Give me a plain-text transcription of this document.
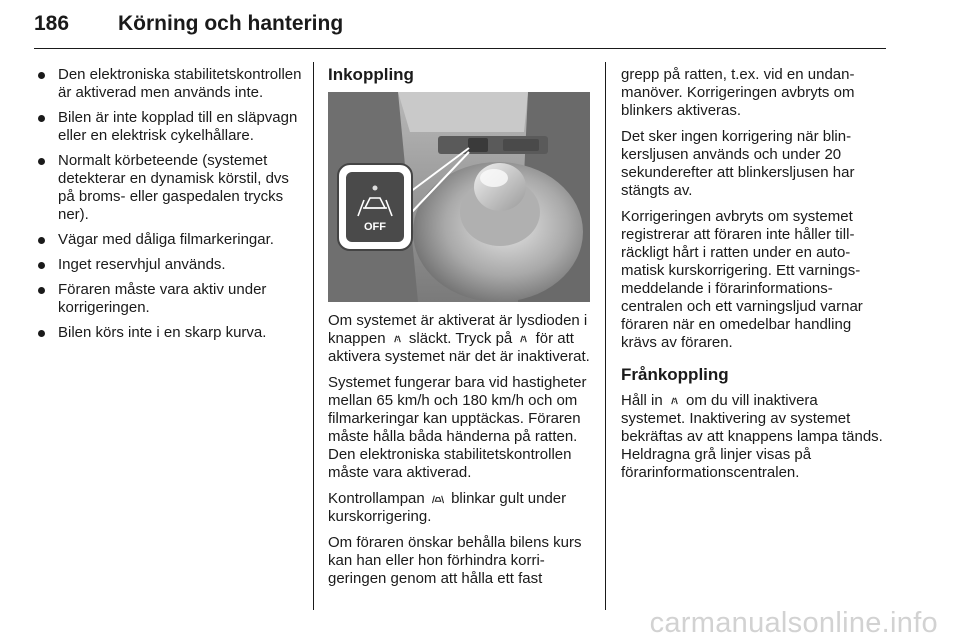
186 Körning och hantering
Den elektroniska stabilitetskontrollen är aktiverad men används inte.
Bilen är inte kopplad till en släpvagn eller en elektrisk cykelhållare.
Normalt körbeteende (systemet detekterar en dynamisk körstil, dvs på broms- eller gaspedalen trycks ner).
Vägar med dåliga filmarkeringar.
Inget reservhjul används.
Föraren måste vara aktiv under korrigeringen.
Bilen körs inte i en skarp kurva.
Inkoppling
OFF

Om systemet är aktiverat är lysdioden i knappen släckt. Tryck på för att aktivera systemet när det är inaktiverat.

Systemet fungerar bara vid hastigheter mellan 65 km/h och 180 km/h och om filmarkeringar kan upptäckas. Föraren måste hålla båda händerna på ratten. Den elektroniska stabilitetskontrollen måste vara aktiverad.

Kontrollampan blinkar gult under kurskorrigering.

Om föraren önskar behålla bilens kurs kan han eller hon förhindra korrigeringen genom att hålla ett fast

grepp på ratten, t.ex. vid en undanmanöver. Korrigeringen avbryts om blinkers aktiveras.

Det sker ingen korrigering när blinkersljusen används och under 20 sekunderefter att blinkersljusen har stängts av.

Korrigeringen avbryts om systemet registrerar att föraren inte håller tillräckligt hårt i ratten under en automatisk kurskorrigering. Ett varningsmeddelande i förarinformationscentralen och ett varningsljud varnar föraren när en omedelbar handling krävs av föraren.

Frånkoppling

Håll in om du vill inaktivera systemet. Inaktivering av systemet bekräftas av att knappens lampa tänds. Heldragna grå linjer visas på förarinformationscentralen.

carmanualsonline.info
